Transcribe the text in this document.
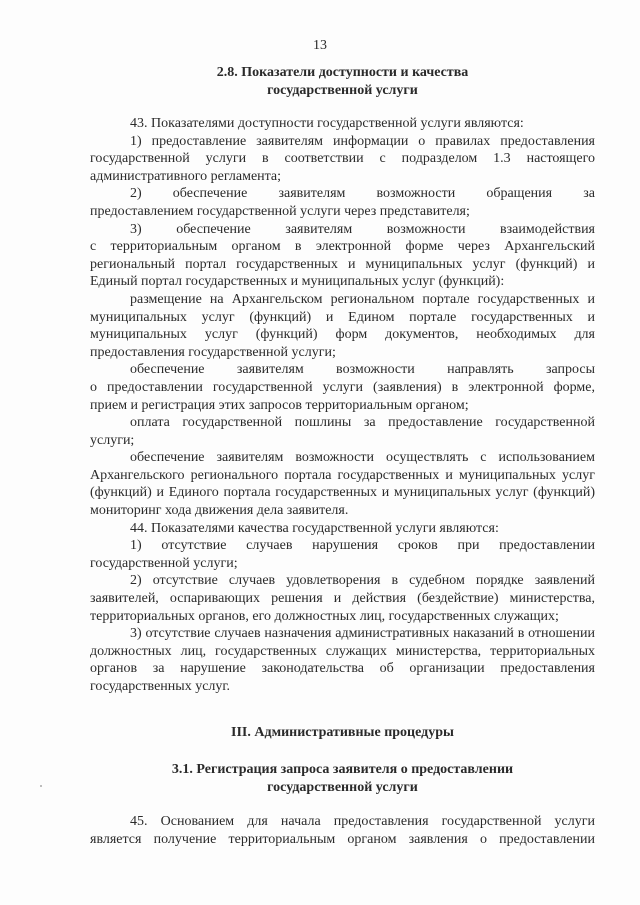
13
2.8. Показатели доступности и качества
государственной услуги

43. Показателями доступности государственной услуги являются:

1) предоставление заявителям информации о правилах предоставления государственной услуги в соответствии с подразделом 1.3 настоящего административного регламента;

2) обеспечение заявителям возможности обращения за
предоставлением государственной услуги через представителя;

3) обеспечение заявителям возможности взаимодействия
с территориальным органом в электронной форме через Архангельский
региональный портал государственных и муниципальных услуг (функций) и
Единый портал государственных и муниципальных услуг (функций):

размещение на Архангельском региональном портале государственных и муниципальных услуг (функций) и Едином портале государственных и муниципальных услуг (функций) форм документов, необходимых для предоставления государственной услуги;

обеспечение заявителям возможности направлять запросы
о предоставлении государственной услуги (заявления) в электронной форме,
прием и регистрация этих запросов территориальным органом;

оплата государственной пошлины за предоставление государственной услуги;

обеспечение заявителям возможности осуществлять с использованием Архангельского регионального портала государственных и муниципальных услуг (функций) и Единого портала государственных и муниципальных услуг (функций) мониторинг хода движения дела заявителя.

44. Показателями качества государственной услуги являются:

1) отсутствие случаев нарушения сроков при предоставлении государственной услуги;

2) отсутствие случаев удовлетворения в судебном порядке заявлений заявителей, оспаривающих решения и действия (бездействие) министерства, территориальных органов, его должностных лиц, государственных служащих;

3) отсутствие случаев назначения административных наказаний в отношении должностных лиц, государственных служащих министерства, территориальных органов за нарушение законодательства об организации предоставления государственных услуг.

III. Административные процедуры
3.1. Регистрация запроса заявителя о предоставлении
государственной услуги

45. Основанием для начала предоставления государственной услуги
является получение территориальным органом заявления о предоставлении
